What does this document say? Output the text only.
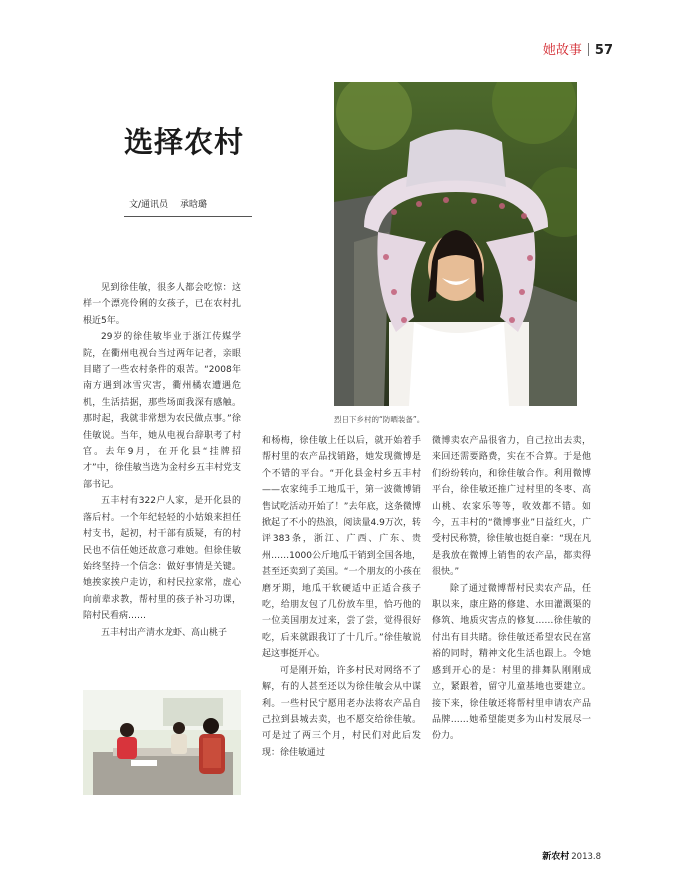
她故事 57
选择农村
文/通讯员 承晗璐
烈日下乡村的“防晒装备”。

见到徐佳敏，很多人都会吃惊：这样一个漂亮伶俐的女孩子，已在农村扎根近5年。

29岁的徐佳敏毕业于浙江传媒学院，在衢州电视台当过两年记者，亲眼目睹了一些农村条件的艰苦。“2008年南方遇到冰雪灾害，衢州橘农遭遇危机，生活拮据，那些场面我深有感触。那时起，我就非常想为农民做点事。”徐佳敏说。当年，她从电视台辞职考了村官。去年9月，在开化县“挂牌招才”中，徐佳敏当选为金村乡五丰村党支部书记。

五丰村有322户人家，是开化县的落后村。一个年纪轻轻的小姑娘来担任村支书，起初，村干部有质疑，有的村民也不信任她还故意刁难她。但徐佳敏始终坚持一个信念：做好事情是关键。她挨家挨户走访，和村民拉家常，虚心向前辈求教，帮村里的孩子补习功课，陪村民看病……

五丰村出产清水龙虾、高山桃子

和杨梅，徐佳敏上任以后，就开始着手帮村里的农产品找销路，她发现微博是个不错的平台。“开化县金村乡五丰村——农家纯手工地瓜干，第一波微博销售试吃活动开始了！”去年底，这条微博掀起了不小的热浪，阅读量4.9万次，转评383条，浙江、广西、广东、贵州……1000公斤地瓜干销到全国各地，甚至还卖到了美国。“一个朋友的小孩在磨牙期，地瓜干软硬适中正适合孩子吃，给朋友包了几份放车里，恰巧他的一位美国朋友过来，尝了尝，觉得很好吃，后来就跟我订了十几斤。”徐佳敏说起这事挺开心。

可是刚开始，许多村民对网络不了解，有的人甚至还以为徐佳敏会从中谋利。一些村民宁愿用老办法将农产品自己拉到县城去卖，也不愿交给徐佳敏。可是过了两三个月，村民们对此后发现：徐佳敏通过

微博卖农产品很省力，自己拉出去卖，来回还需要路费，实在不合算。于是他们纷纷转向，和徐佳敏合作。利用微博平台，徐佳敏还推广过村里的冬枣、高山桃、农家乐等等，收效都不错。如今，五丰村的“微博事业”日益红火，广受村民称赞，徐佳敏也挺自豪：“现在凡是我放在微博上销售的农产品，都卖得很快。”

除了通过微博帮村民卖农产品，任职以来，康庄路的修建、水田灌溉渠的修筑、地质灾害点的修复……徐佳敏的付出有目共睹。徐佳敏还希望农民在富裕的同时，精神文化生活也跟上。令她感到开心的是：村里的排舞队刚刚成立，紧跟着，留守儿童基地也要建立。接下来，徐佳敏还将帮村里申请农产品品牌……她希望能更多为山村发展尽一份力。

新农村 2013.8
